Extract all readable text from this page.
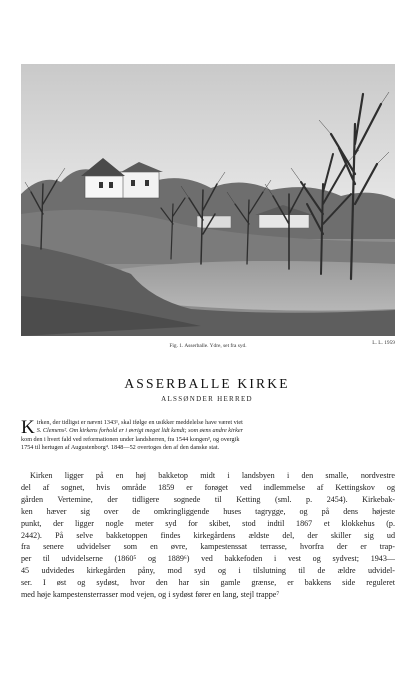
Fig. 1. Asserballe. Ydre, set fra syd.	L. L. 1959
ASSERBALLE KIRKE
ALSSØNDER HERRED
K irken, der tidligst er nævnt 1343¹, skal ifølge en usikker meddelelse have været viet
S. Clemens². Om kirkens forhold er i øvrigt meget lidt kendt; som øens andre kirker
kom den i hvert fald ved reformationen under landsherren, fra 1544 kongen³, og overgik
1754 til hertugen af Augustenborg⁴. 1848—52 overtoges den af den danske stat.
Kirken ligger på en høj bakketop midt i landsbyen i den smalle, nordvestre
del af sognet, hvis område 1859 er forøget ved indlemmelse af Kettingskov og
gården Vertemine, der tidligere sognede til Ketting (sml. p. 2454). Kirkebak-
ken hæver sig over de omkringliggende huses tagrygge, og på dens højeste
punkt, der ligger nogle meter syd for skibet, stod indtil 1867 et klokkehus (p.
2442). På selve bakketoppen findes kirkegårdens ældste del, der skiller sig ud
fra senere udvidelser som en øvre, kampestenssat terrasse, hvorfra der er trap-
per til udvidelserne (1860⁵ og 1889⁶) ved bakkefoden i vest og sydvest; 1943—
45 udvidedes kirkegården påny, mod syd og i tilslutning til de ældre udvidel-
ser. I øst og sydøst, hvor den har sin gamle grænse, er bakkens side reguleret
med høje kampestensterrasser mod vejen, og i sydøst fører en lang, stejl trappe⁷
